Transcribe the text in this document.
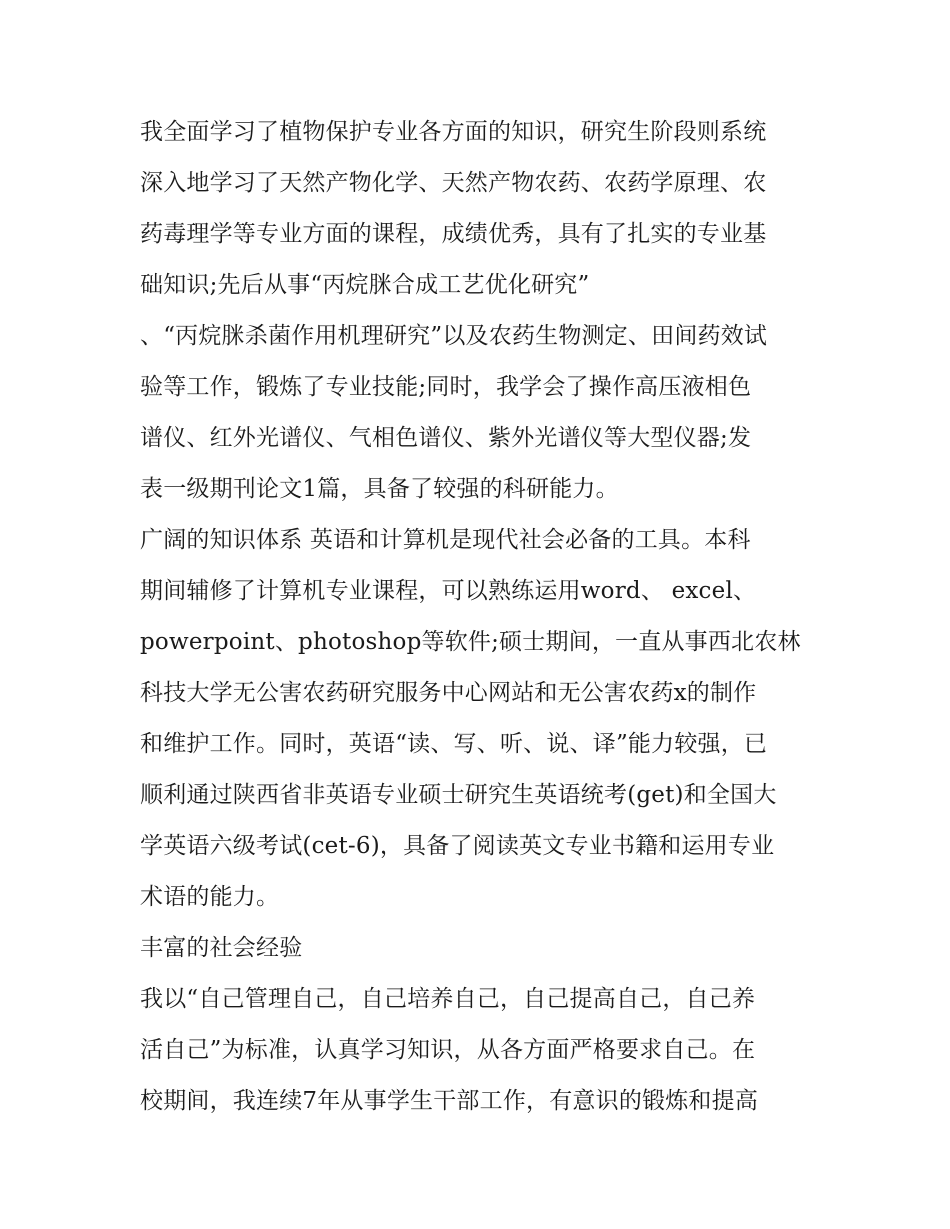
我全面学习了植物保护专业各方面的知识，研究生阶段则系统
深入地学习了天然产物化学、天然产物农药、农药学原理、农
药毒理学等专业方面的课程，成绩优秀，具有了扎实的专业基
础知识;先后从事“丙烷脒合成工艺优化研究”
、“丙烷脒杀菌作用机理研究”以及农药生物测定、田间药效试
验等工作，锻炼了专业技能;同时，我学会了操作高压液相色
谱仪、红外光谱仪、气相色谱仪、紫外光谱仪等大型仪器;发
表一级期刊论文1篇，具备了较强的科研能力。
广阔的知识体系 英语和计算机是现代社会必备的工具。本科
期间辅修了计算机专业课程，可以熟练运用word、 excel、
powerpoint、photoshop等软件;硕士期间，一直从事西北农林
科技大学无公害农药研究服务中心网站和无公害农药x的制作
和维护工作。同时，英语“读、写、听、说、译”能力较强，已
顺利通过陕西省非英语专业硕士研究生英语统考(get)和全国大
学英语六级考试(cet-6)，具备了阅读英文专业书籍和运用专业
术语的能力。
丰富的社会经验
我以“自己管理自己，自己培养自己，自己提高自己，自己养
活自己”为标准，认真学习知识，从各方面严格要求自己。在
校期间，我连续7年从事学生干部工作，有意识的锻炼和提高
